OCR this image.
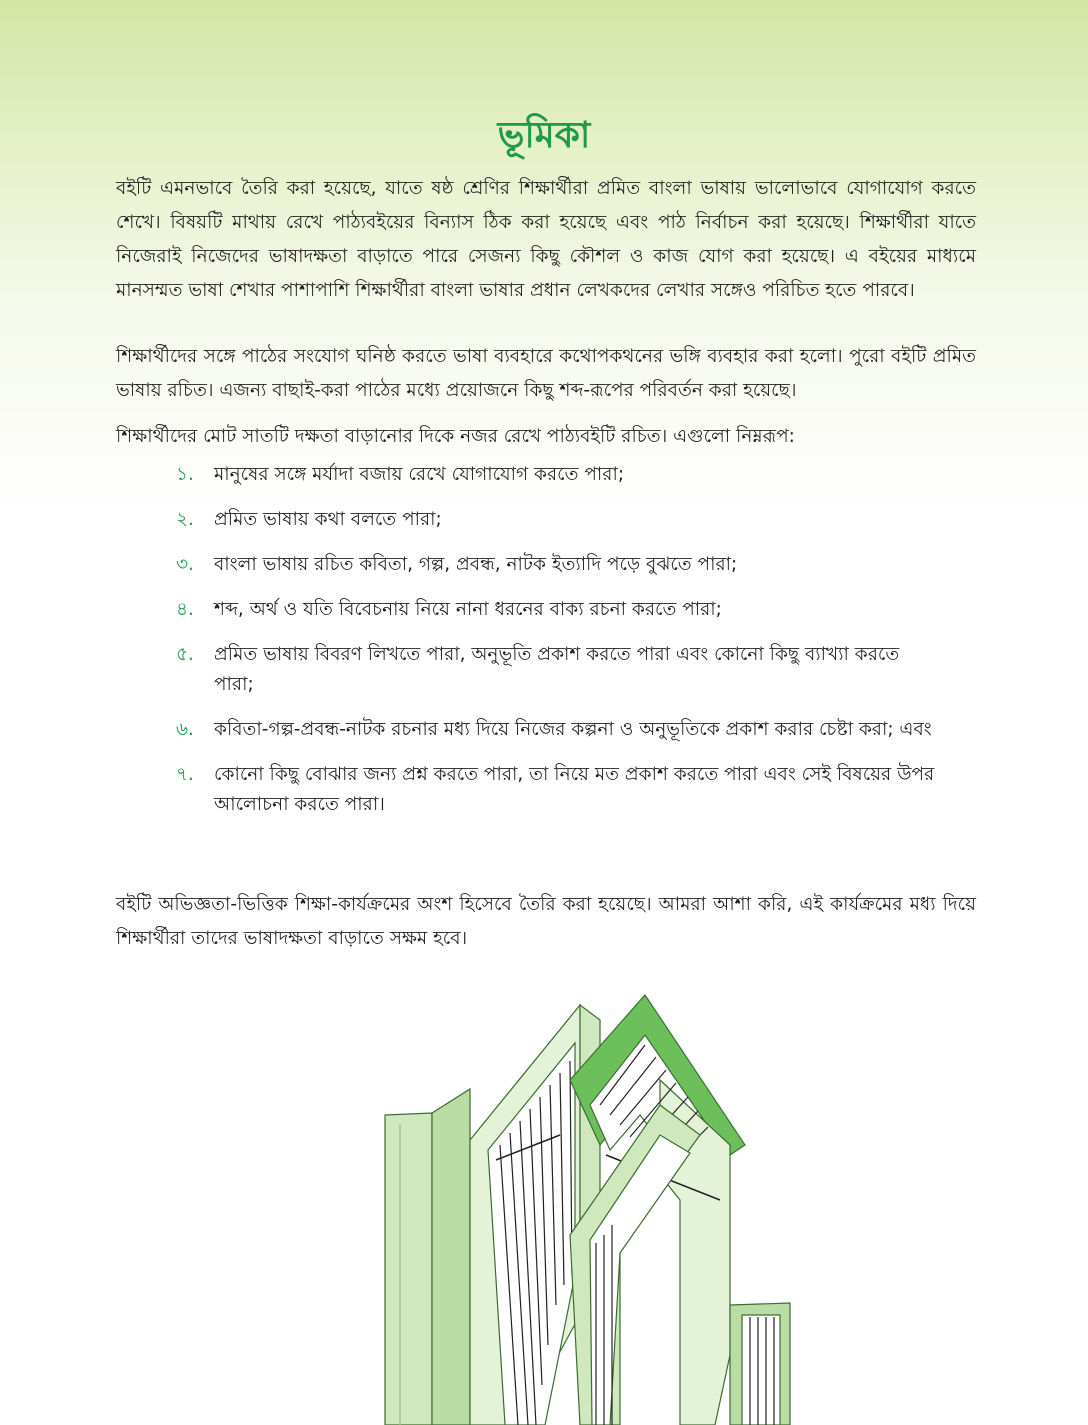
ভূমিকা

বইটি এমনভাবে তৈরি করা হয়েছে, যাতে ষষ্ঠ শ্রেণির শিক্ষার্থীরা প্রমিত বাংলা ভাষায় ভালোভাবে যোগাযোগ করতে শেখে। বিষয়টি মাথায় রেখে পাঠ্যবইয়ের বিন্যাস ঠিক করা হয়েছে এবং পাঠ নির্বাচন করা হয়েছে। শিক্ষার্থীরা যাতে নিজেরাই নিজেদের ভাষাদক্ষতা বাড়াতে পারে সেজন্য কিছু কৌশল ও কাজ যোগ করা হয়েছে। এ বইয়ের মাধ্যমে মানসম্মত ভাষা শেখার পাশাপাশি শিক্ষার্থীরা বাংলা ভাষার প্রধান লেখকদের লেখার সঙ্গেও পরিচিত হতে পারবে।

শিক্ষার্থীদের সঙ্গে পাঠের সংযোগ ঘনিষ্ঠ করতে ভাষা ব্যবহারে কথোপকথনের ভঙ্গি ব্যবহার করা হলো। পুরো বইটি প্রমিত ভাষায় রচিত। এজন্য বাছাই-করা পাঠের মধ্যে প্রয়োজনে কিছু শব্দ-রূপের পরিবর্তন করা হয়েছে।

শিক্ষার্থীদের মোট সাতটি দক্ষতা বাড়ানোর দিকে নজর রেখে পাঠ্যবইটি রচিত। এগুলো নিম্নরূপ:

১.	মানুষের সঙ্গে মর্যাদা বজায় রেখে যোগাযোগ করতে পারা;
২.	প্রমিত ভাষায় কথা বলতে পারা;
৩.	বাংলা ভাষায় রচিত কবিতা, গল্প, প্রবন্ধ, নাটক ইত্যাদি পড়ে বুঝতে পারা;
৪.	শব্দ, অর্থ ও যতি বিবেচনায় নিয়ে নানা ধরনের বাক্য রচনা করতে পারা;
৫.	প্রমিত ভাষায় বিবরণ লিখতে পারা, অনুভূতি প্রকাশ করতে পারা এবং কোনো কিছু ব্যাখ্যা করতে পারা;
৬.	কবিতা-গল্প-প্রবন্ধ-নাটক রচনার মধ্য দিয়ে নিজের কল্পনা ও অনুভূতিকে প্রকাশ করার চেষ্টা করা; এবং
৭.	কোনো কিছু বোঝার জন্য প্রশ্ন করতে পারা, তা নিয়ে মত প্রকাশ করতে পারা এবং সেই বিষয়ের উপর আলোচনা করতে পারা।

বইটি অভিজ্ঞতা-ভিত্তিক শিক্ষা-কার্যক্রমের অংশ হিসেবে তৈরি করা হয়েছে। আমরা আশা করি, এই কার্যক্রমের মধ্য দিয়ে শিক্ষার্থীরা তাদের ভাষাদক্ষতা বাড়াতে সক্ষম হবে।
